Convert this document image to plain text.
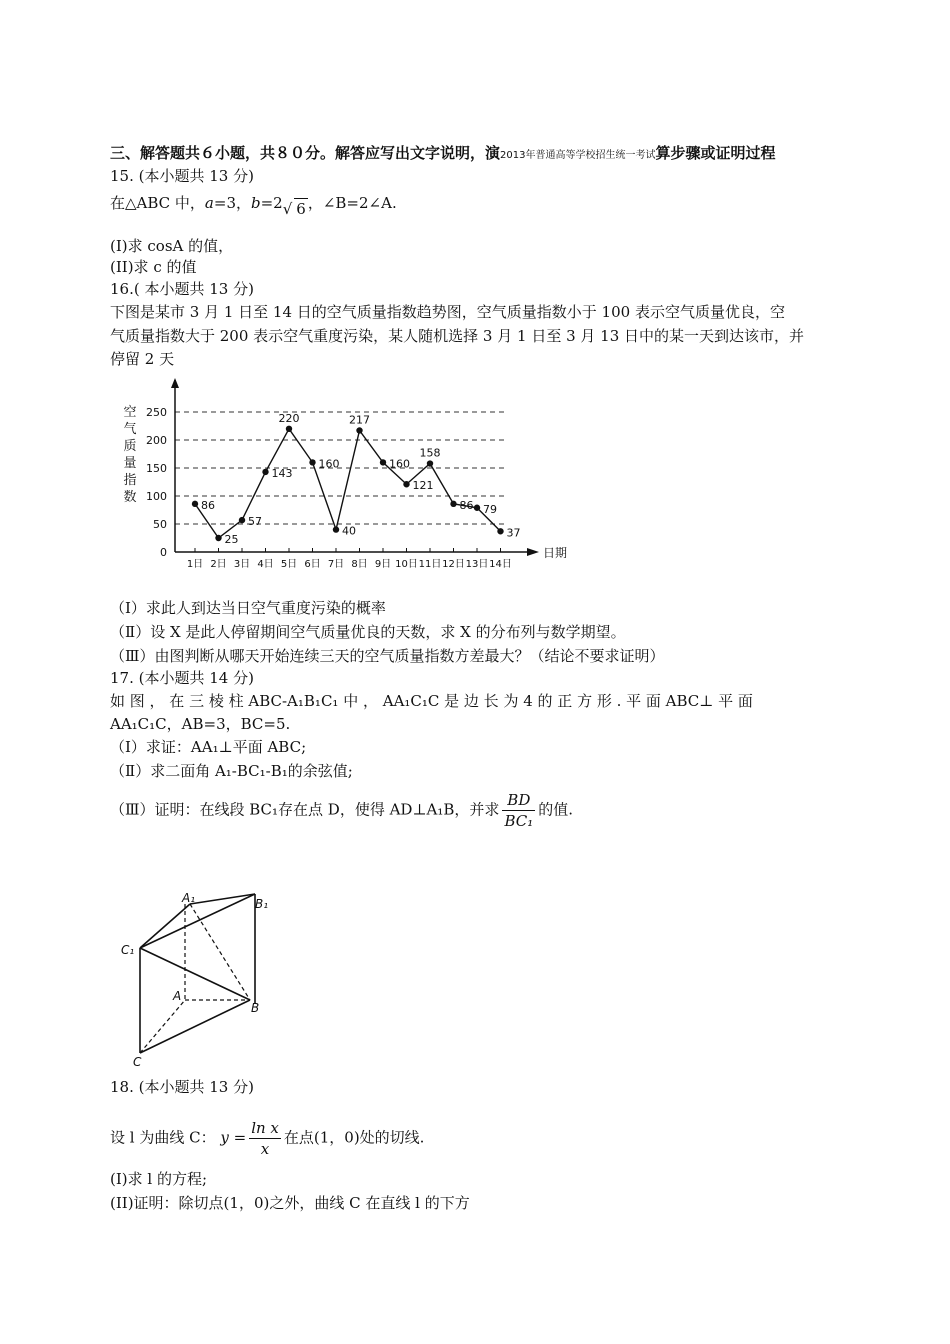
三、解答题共６小题，共８０分。解答应写出文字说明，演2013年普通高等学校招生统一考试算步骤或证明过程
15. (本小题共 13 分)
在△ABC 中，a=3，b=2√ 6 ，∠B=2∠A.
(I)求 cosA 的值，
(II)求 c 的值
16.( 本小题共 13 分)
下图是某市 3 月 1 日至 14 日的空气质量指数趋势图，空气质量指数小于 100 表示空气质量优良，空
气质量指数大于 200 表示空气重度污染，某人随机选择 3 月 1 日至 3 月 13 日中的某一天到达该市，并
停留 2 天
0
50
100
150
200
250
空
气
质
量
指
数
日期
1日 2日 3日 4日 5日 6日 7日 8日 9日 10日 11日 12日 13日 14日
86
25
57
143
220
160
40
217
160
121
158
86 79
37
（Ⅰ）求此人到达当日空气重度污染的概率
（Ⅱ）设 X 是此人停留期间空气质量优良的天数，求 X 的分布列与数学期望。
（Ⅲ）由图判断从哪天开始连续三天的空气质量指数方差最大？（结论不要求证明）
17. (本小题共 14 分)
如 图 ， 在 三 棱 柱 ABC-A₁B₁C₁ 中 ， AA₁C₁C 是 边 长 为 4 的 正 方 形 . 平 面 ABC⊥ 平 面
AA₁C₁C，AB=3，BC=5.
（Ⅰ）求证：AA₁⊥平面 ABC;
（Ⅱ）求二面角 A₁-BC₁-B₁的余弦值;
（Ⅲ）证明：在线段 BC₁存在点 D，使得 AD⊥A₁B，并求 $\frac{BD}{\text{BC₁}}$ 的值.
A₁	B₁
C₁
A
B
C
18. (本小题共 13 分)
设 l 为曲线 C： $y = \frac{\text{ln x}}{x}$ 在点(1，0)处的切线.
(I)求 l 的方程;
(II)证明：除切点(1，0)之外，曲线 C 在直线 l 的下方
